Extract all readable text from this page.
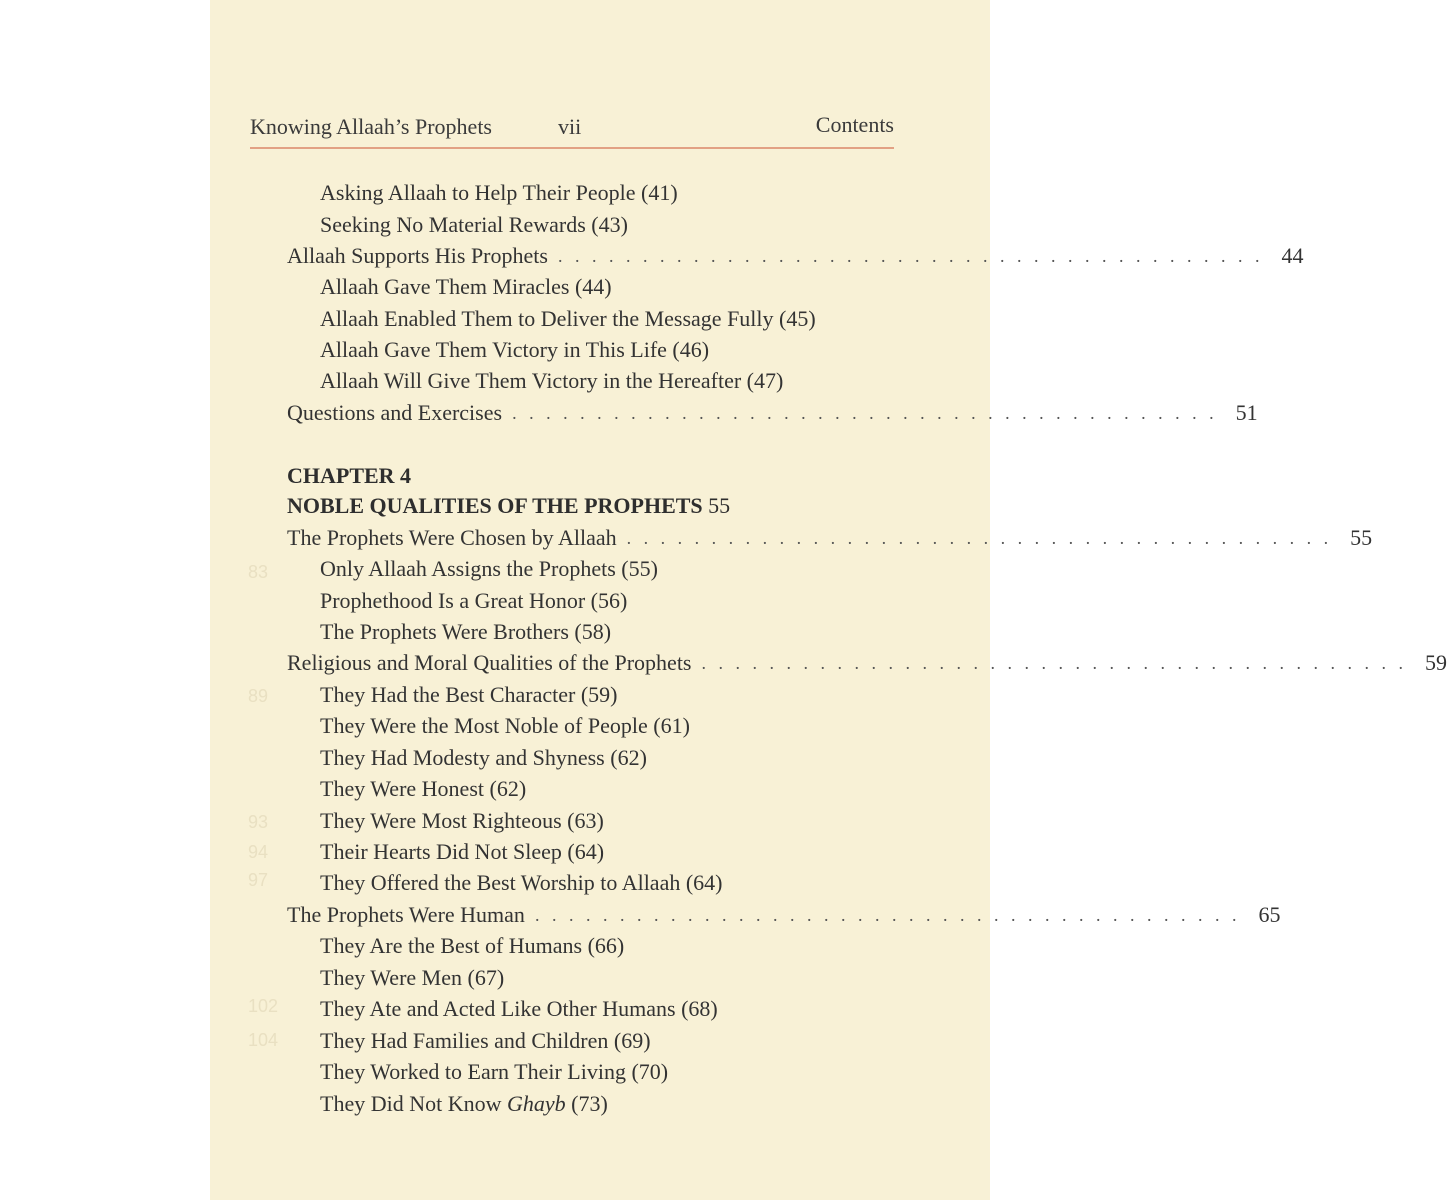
83
89
93
94
97
102
104
Knowing Allaah’s Prophets	vii	Contents
Asking Allaah to Help Their People (41)
Seeking No Material Rewards (43)
Allaah Supports His Prophets . . . . . . . . . . . . . . . . . . . . . . . . . . . . . . . . . . . . . . . . . . 44
Allaah Gave Them Miracles (44)
Allaah Enabled Them to Deliver the Message Fully (45)
Allaah Gave Them Victory in This Life (46)
Allaah Will Give Them Victory in the Hereafter (47)
Questions and Exercises . . . . . . . . . . . . . . . . . . . . . . . . . . . . . . . . . . . . . . . . . . 51
CHAPTER 4
NOBLE QUALITIES OF THE PROPHETS 55
The Prophets Were Chosen by Allaah . . . . . . . . . . . . . . . . . . . . . . . . . . . . . . . . . . . . . . . . . . 55
Only Allaah Assigns the Prophets (55)
Prophethood Is a Great Honor (56)
The Prophets Were Brothers (58)
Religious and Moral Qualities of the Prophets . . . . . . . . . . . . . . . . . . . . . . . . . . . . . . . . . . . . . . . . . . 59
They Had the Best Character (59)
They Were the Most Noble of People (61)
They Had Modesty and Shyness (62)
They Were Honest (62)
They Were Most Righteous (63)
Their Hearts Did Not Sleep (64)
They Offered the Best Worship to Allaah (64)
The Prophets Were Human . . . . . . . . . . . . . . . . . . . . . . . . . . . . . . . . . . . . . . . . . . 65
They Are the Best of Humans (66)
They Were Men (67)
They Ate and Acted Like Other Humans (68)
They Had Families and Children (69)
They Worked to Earn Their Living (70)
They Did Not Know Ghayb (73)
